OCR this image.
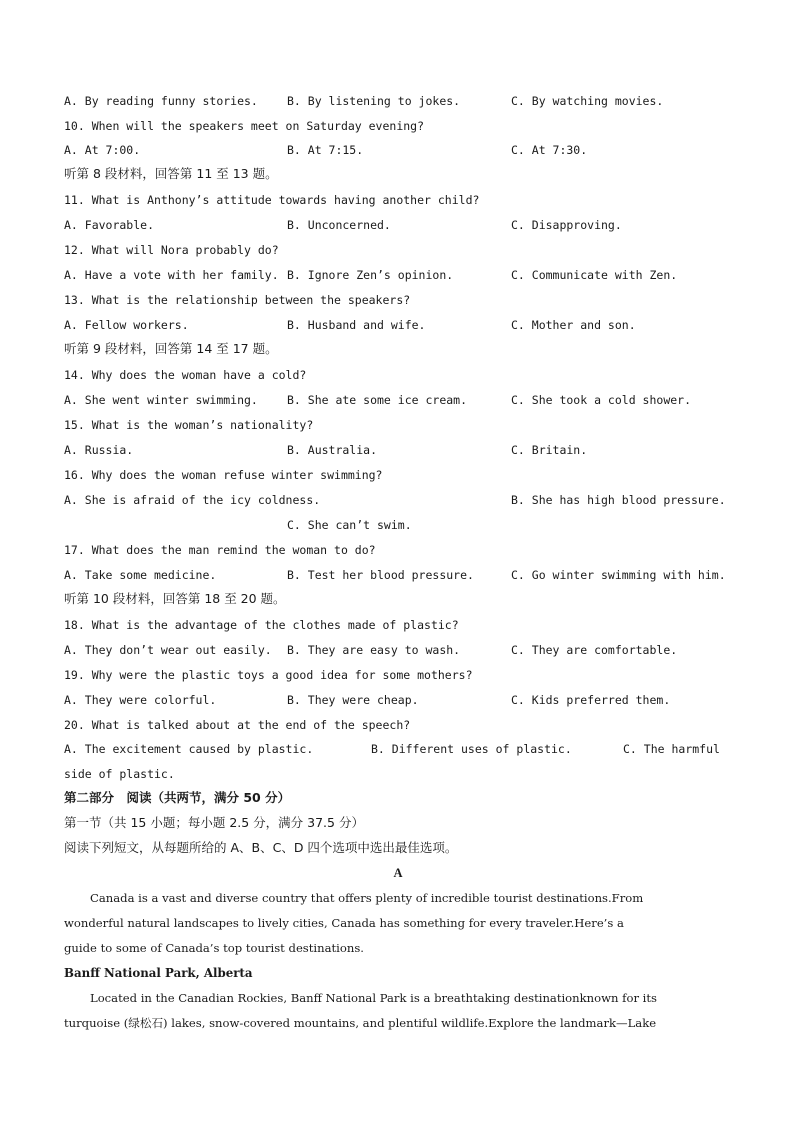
A. By reading funny stories.	B. By listening to jokes.	C. By watching movies.
10. When will the speakers meet on Saturday evening?
A. At 7:00.	B. At 7:15.	C. At 7:30.
听第 8 段材料，回答第 11 至 13 题。
11. What is Anthony’s attitude towards having another child?
A. Favorable.	B. Unconcerned.	C. Disapproving.
12. What will Nora probably do?
A. Have a vote with her family. B. Ignore Zen’s opinion.	C. Communicate with Zen.
13. What is the relationship between the speakers?
A. Fellow workers.	B. Husband and wife.	C. Mother and son.
听第 9 段材料，回答第 14 至 17 题。
14. Why does the woman have a cold?
A. She went winter swimming.	B. She ate some ice cream.	C. She took a cold shower.
15. What is the woman’s nationality?
A. Russia.	B. Australia.	C. Britain.
16. Why does the woman refuse winter swimming?
A. She is afraid of the icy coldness.	B. She has high blood pressure.
C. She can’t swim.
17. What does the man remind the woman to do?
A. Take some medicine.	B. Test her blood pressure.	C. Go winter swimming with him.
听第 10 段材料，回答第 18 至 20 题。
18. What is the advantage of the clothes made of plastic?
A. They don’t wear out easily. B. They are easy to wash.	C. They are comfortable.
19. Why were the plastic toys a good idea for some mothers?
A. They were colorful.	B. They were cheap.	C. Kids preferred them.
20. What is talked about at the end of the speech?
A. The excitement caused by plastic.	B. Different uses of plastic.	C. The harmful
side of plastic.
第二部分　阅读（共两节，满分 50 分）
第一节（共 15 小题；每小题 2.5 分，满分 37.5 分）
阅读下列短文，从每题所给的 A、B、C、D 四个选项中选出最佳选项。
A
Canada is a vast and diverse country that offers plenty of incredible tourist destinations.From
wonderful natural landscapes to lively cities, Canada has something for every traveler.Here’s a
guide to some of Canada’s top tourist destinations.
Banff National Park, Alberta
Located in the Canadian Rockies, Banff National Park is a breathtaking destinationknown for its
turquoise (绿松石) lakes, snow-covered mountains, and plentiful wildlife.Explore the landmark—Lake
